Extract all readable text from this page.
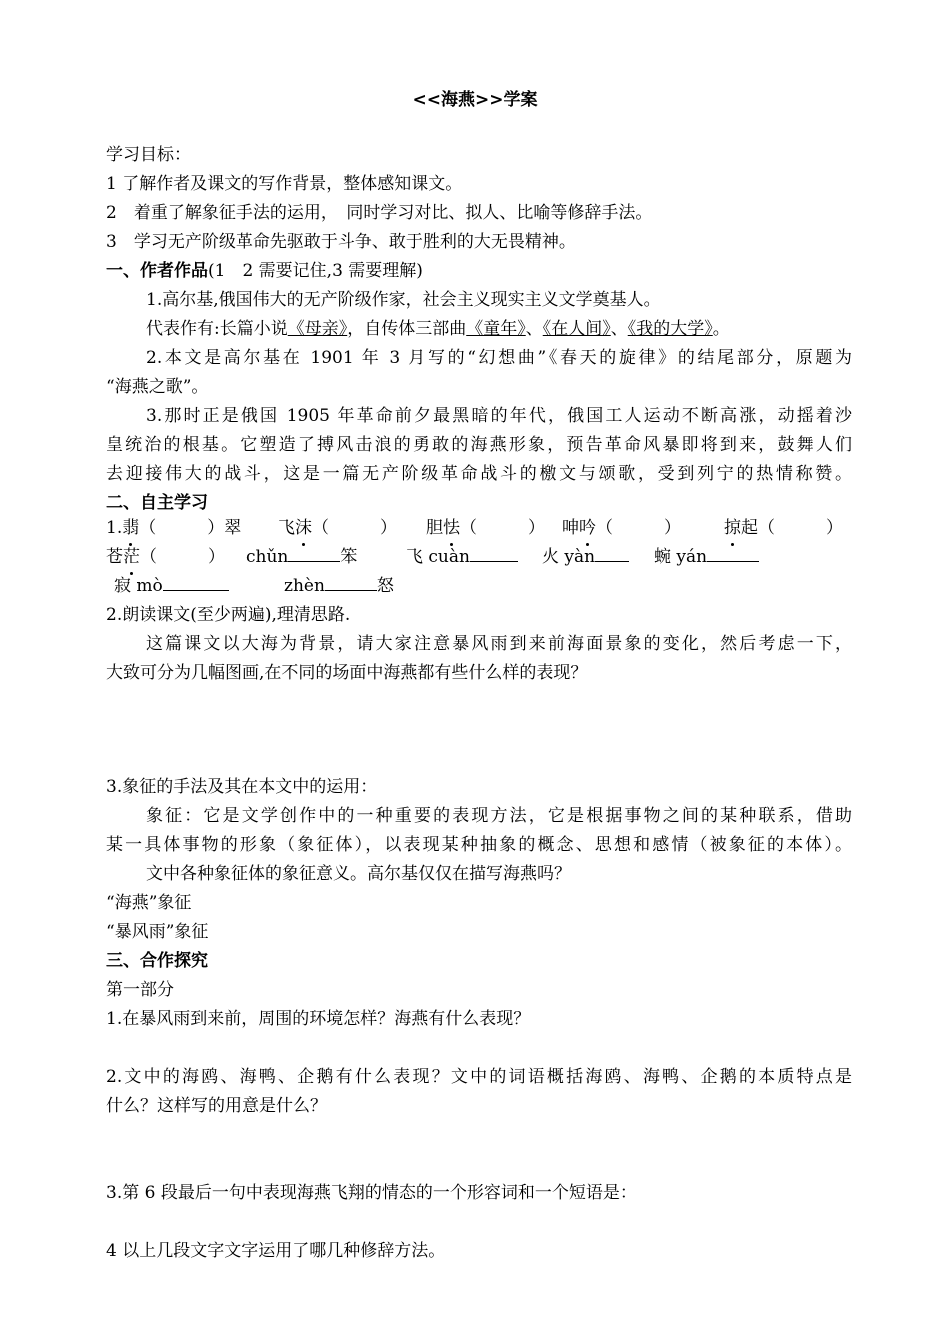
<<海燕>>学案
学习目标：
1 了解作者及课文的写作背景，整体感知课文。
2　着重了解象征手法的运用，　同时学习对比、拟人、比喻等修辞手法。
3　学习无产阶级革命先驱敢于斗争、敢于胜利的大无畏精神。
一、作者作品(1　2 需要记住,3 需要理解)
1.高尔基,俄国伟大的无产阶级作家，社会主义现实主义文学奠基人。
代表作有:长篇小说《母亲》，自传体三部曲《童年》、《在人间》、《我的大学》。
2.本文是高尔基在 1901 年 3 月写的“幻想曲”《春天的旋律》的结尾部分，原题为
“海燕之歌”。
3.那时正是俄国 1905 年革命前夕最黑暗的年代，俄国工人运动不断高涨，动摇着沙
皇统治的根基。它塑造了搏风击浪的勇敢的海燕形象，预告革命风暴即将到来，鼓舞人们
去迎接伟大的战斗，这是一篇无产阶级革命战斗的檄文与颂歌，受到列宁的热情称赞。
二、自主学习
1.翡（　　　）翠 飞沫（　　　） 胆怯（　　　） 呻吟（　　　）	掠起（　　　）
苍茫（　　　） chǔn	笨	飞 cuàn	火 yàn	蜿 yán
寂 mò	zhèn	怒
2.朗读课文(至少两遍),理清思路.
这篇课文以大海为背景，请大家注意暴风雨到来前海面景象的变化，然后考虑一下，
大致可分为几幅图画,在不同的场面中海燕都有些什么样的表现？
3.象征的手法及其在本文中的运用：
象征：它是文学创作中的一种重要的表现方法，它是根据事物之间的某种联系，借助
某一具体事物的形象（象征体），以表现某种抽象的概念、思想和感情（被象征的本体）。
文中各种象征体的象征意义。高尔基仅仅在描写海燕吗？
“海燕”象征
“暴风雨”象征
三、合作探究
第一部分
1.在暴风雨到来前，周围的环境怎样？海燕有什么表现？
2.文中的海鸥、海鸭、企鹅有什么表现？文中的词语概括海鸥、海鸭、企鹅的本质特点是
什么？这样写的用意是什么？
3.第 6 段最后一句中表现海燕飞翔的情态的一个形容词和一个短语是：
4 以上几段文字文字运用了哪几种修辞方法。
